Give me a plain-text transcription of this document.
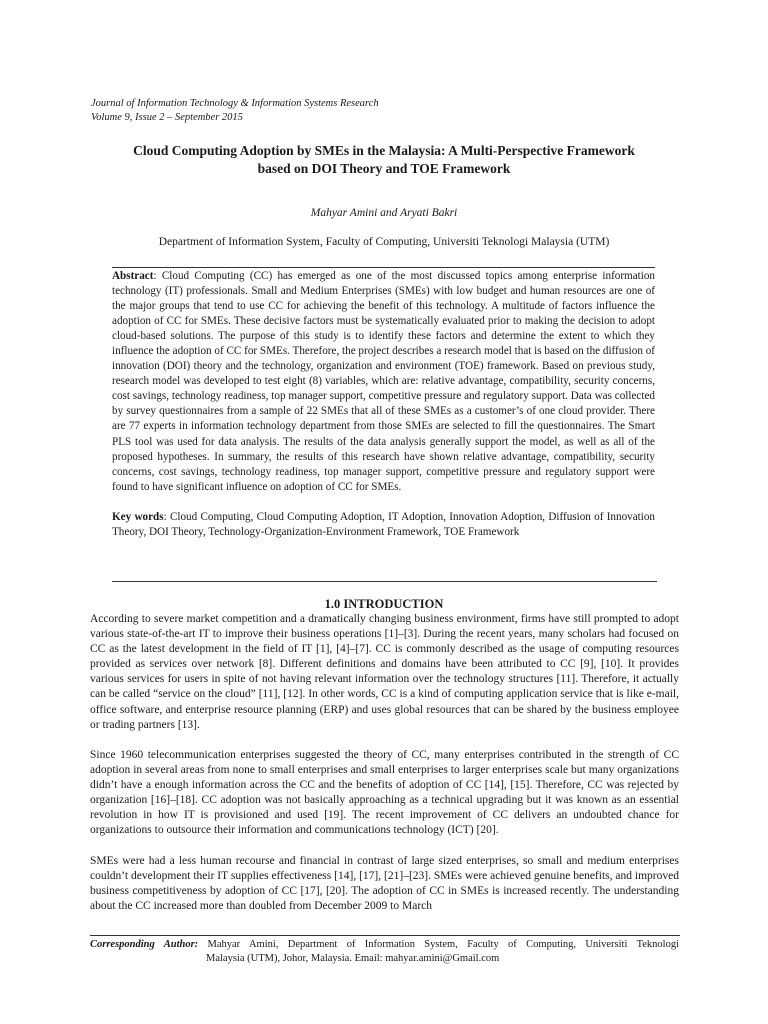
Journal of Information Technology & Information Systems Research
Volume 9, Issue 2 – September 2015
Cloud Computing Adoption by SMEs in the Malaysia: A Multi-Perspective Framework
based on DOI Theory and TOE Framework
Mahyar Amini and Aryati Bakri
Department of Information System, Faculty of Computing, Universiti Teknologi Malaysia (UTM)
Abstract: Cloud Computing (CC) has emerged as one of the most discussed topics among enterprise information technology (IT) professionals. Small and Medium Enterprises (SMEs) with low budget and human resources are one of the major groups that tend to use CC for achieving the benefit of this technology. A multitude of factors influence the adoption of CC for SMEs. These decisive factors must be systematically evaluated prior to making the decision to adopt cloud-based solutions. The purpose of this study is to identify these factors and determine the extent to which they influence the adoption of CC for SMEs. Therefore, the project describes a research model that is based on the diffusion of innovation (DOI) theory and the technology, organization and environment (TOE) framework. Based on previous study, research model was developed to test eight (8) variables, which are: relative advantage, compatibility, security concerns, cost savings, technology readiness, top manager support, competitive pressure and regulatory support. Data was collected by survey questionnaires from a sample of 22 SMEs that all of these SMEs as a customer’s of one cloud provider. There are 77 experts in information technology department from those SMEs are selected to fill the questionnaires. The Smart PLS tool was used for data analysis. The results of the data analysis generally support the model, as well as all of the proposed hypotheses. In summary, the results of this research have shown relative advantage, compatibility, security concerns, cost savings, technology readiness, top manager support, competitive pressure and regulatory support were found to have significant influence on adoption of CC for SMEs.
Key words: Cloud Computing, Cloud Computing Adoption, IT Adoption, Innovation Adoption, Diffusion of Innovation Theory, DOI Theory, Technology-Organization-Environment Framework, TOE Framework
1.0 INTRODUCTION

According to severe market competition and a dramatically changing business environment, firms have still prompted to adopt various state-of-the-art IT to improve their business operations [1]–[3]. During the recent years, many scholars had focused on CC as the latest development in the field of IT [1], [4]–[7]. CC is commonly described as the usage of computing resources provided as services over network [8]. Different definitions and domains have been attributed to CC [9], [10]. It provides various services for users in spite of not having relevant information over the technology structures [11]. Therefore, it actually can be called “service on the cloud” [11], [12]. In other words, CC is a kind of computing application service that is like e-mail, office software, and enterprise resource planning (ERP) and uses global resources that can be shared by the business employee or trading partners [13].

Since 1960 telecommunication enterprises suggested the theory of CC, many enterprises contributed in the strength of CC adoption in several areas from none to small enterprises and small enterprises to larger enterprises scale but many organizations didn’t have a enough information across the CC and the benefits of adoption of CC [14], [15]. Therefore, CC was rejected by organization [16]–[18]. CC adoption was not basically approaching as a technical upgrading but it was known as an essential revolution in how IT is provisioned and used [19]. The recent improvement of CC delivers an undoubted chance for organizations to outsource their information and communications technology (ICT) [20].

SMEs were had a less human recourse and financial in contrast of large sized enterprises, so small and medium enterprises couldn’t development their IT supplies effectiveness [14], [17], [21]–[23]. SMEs were achieved genuine benefits, and improved business competitiveness by adoption of CC [17], [20]. The adoption of CC in SMEs is increased recently. The understanding about the CC increased more than doubled from December 2009 to March

Corresponding Author: Mahyar Amini, Department of Information System, Faculty of Computing, Universiti Teknologi
Malaysia (UTM), Johor, Malaysia. Email: mahyar.amini@Gmail.com
